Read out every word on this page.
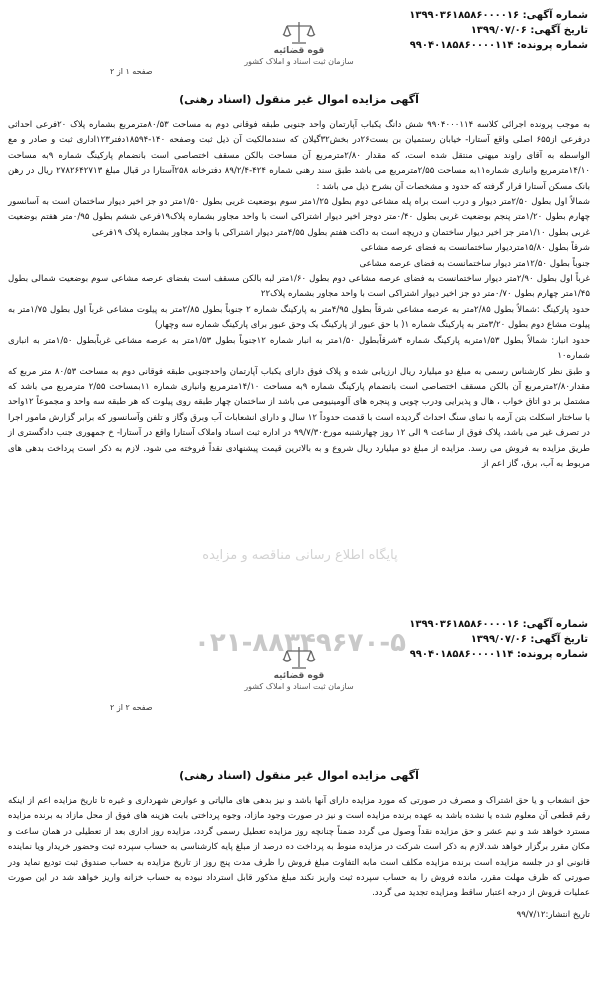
شماره آگهی: ۱۳۹۹۰۳۶۱۸۵۸۶۰۰۰۰۱۶
تاریخ آگهی: ۱۳۹۹/۰۷/۰۶
شماره پرونده: ۹۹۰۴۰۱۸۵۸۶۰۰۰۰۱۱۴
قوه قضائیه
سازمان ثبت اسناد و املاک کشور
صفحه ۱ از ۲
آگهی مزایده اموال غیر منقول (اسناد رهنی)
۰۲۱-۸۸۳۴۹۶۷۰-۵
پایگاه اطلاع رسانی مناقصه و مزایده

به موجب پرونده اجرائی کلاسه ۹۹۰۴۰۰۰۱۱۴ شش دانگ یکباب آپارتمان واحد جنوبی طبقه فوقانی دوم به مساحت ۸۰/۵۳مترمربع بشماره پلاک ۲۰فرعی احداثی درفرعی از۶۵۵ اصلی واقع آستارا- خیابان رستمیان بن بست۲۶در بخش۳۲گیلان که سندمالکیت آن ذیل ثبت وصفحه ۱۴۰-۱۸۵۹۴دفتر۱۲۳اداری ثبت و صادر و مع الواسطه به آقای راوند میهنی منتقل شده است، که مقدار ۲/۸۰مترمربع آن مساحت بالکن مسقف اختصاصی است بانضمام پارکینگ شماره ۹به مساحت ۱۴/۱۰مترمربع وانباری شماره۱۱به مساحت ۲/۵۵مترمربع می باشد طبق سند رهنی شماره ۴۲۴-۸۹/۲/۴ دفترخانه ۲۵۸آستارا در قبال مبلغ ۲۷۸۲۶۴۲۷۱۳ ریال در رهن بانک مسکن آستارا قرار گرفته که حدود و مشخصات آن بشرح ذیل می باشد :

شمالاً اول بطول ۲/۵۰متر دیوار و درب است براه پله مشاعی دوم بطول ۱/۲۵متر سوم بوضعیت غربی بطول ۱/۵۰متر دو جز اخیر دیوار ساختمان است به آسانسور چهارم بطول ۱/۲۰متر پنجم بوضعیت غربی بطول ۰/۴۰متر دوجز اخیر دیوار اشتراکی است با واحد مجاور بشماره پلاک۱۹فرعی ششم بطول ۰/۹۵متر هفتم بوضعیت غربی بطول ۱/۱۰متر جز اخیر دیوار ساختمان و دریچه است به داکت هفتم بطول ۴/۵۵متر دیوار اشتراکی با واحد مجاور بشماره پلاک ۱۹فرعی

شرقاً بطول ۱۵/۸۰متردیوار ساختمانست به فضای عرصه مشاعی

جنوباً بطول ۱۲/۵۰متر دیوار ساختمانست به فضای عرصه مشاعی

غرباً اول بطول ۲/۹۰متر دیوار ساختمانست به فضای عرصه مشاعی دوم بطول ۱/۶۰متر لبه بالکن مسقف است بفضای عرصه مشاعی سوم بوضعیت شمالی بطول ۱/۴۵متر چهارم بطول ۰/۷۰متر دو جز اخیر دیوار اشتراکی است با واحد مجاور بشماره پلاک۲۲

حدود پارکینگ :شمالاً بطول ۲/۸۵متر به عرصه مشاعی شرقاً بطول ۴/۹۵متر به پارکینگ شماره ۲ جنوباً بطول ۲/۸۵متر به پیلوت مشاعی غرباً اول بطول ۱/۷۵متر به پیلوت مشاع دوم بطول ۳/۲۰متر به پارکینگ شماره ۱( با حق عبور از پارکینگ یک وحق عبور برای پارکینگ شماره سه وچهار)

حدود انبار: شمالاً بطول ۱/۵۳متربه پارکینگ شماره ۴شرقاًبطول ۱/۵۰متر به انبار شماره ۱۲جنوباً بطول ۱/۵۳متر به عرصه مشاعی غرباًبطول ۱/۵۰متر به انباری شماره۱۰

و طبق نظر کارشناس رسمی به مبلغ دو میلیارد ریال ارزیابی شده و پلاک فوق دارای یکباب آپارتمان واحدجنوبی طبقه فوقانی دوم به مساحت ۸۰/۵۳ متر مربع که مقدار۲/۸۰مترمربع آن بالکن مسقف اختصاصی است بانضمام پارکینگ شماره ۹به مساحت ۱۴/۱۰مترمربع وانباری شماره ۱۱بمساحت ۲/۵۵ مترمربع می باشد که مشتمل بر دو اتاق خواب ، هال و پذیرایی ودرب چوبی و پنجره های آلومینیومی می باشد از ساختمان چهار طبقه روی پیلوت که هر طبقه سه واحد و مجموعاً ۱۲واحد با ساختار اسکلت بتن آرمه با نمای سنگ احداث گردیده است با قدمت حدوداً ۱۲ سال و دارای انشعابات آب وبرق وگاز و تلفن وآسانسور که برابر گزارش مامور اجرا در تصرف غیر می باشد، پلاک فوق از ساعت ۹ الی ۱۲ روز چهارشنبه مورخ۹۹/۷/۳۰ در اداره ثبت اسناد واملاک آستارا واقع در آستارا- خ جمهوری جنب دادگستری از طریق مزایده به فروش می رسد. مزایده از مبلغ دو میلیارد ریال شروع و به بالاترین قیمت پیشنهادی نقداً فروخته می شود. لازم به ذکر است پرداخت بدهی های مربوط به آب، برق، گاز اعم از

شماره آگهی: ۱۳۹۹۰۳۶۱۸۵۸۶۰۰۰۰۱۶
تاریخ آگهی: ۱۳۹۹/۰۷/۰۶
شماره پرونده: ۹۹۰۴۰۱۸۵۸۶۰۰۰۰۱۱۴
قوه قضائیه
سازمان ثبت اسناد و املاک کشور
صفحه ۲ از ۲
آگهی مزایده اموال غیر منقول (اسناد رهنی)

حق انشعاب و یا حق اشتراک و مصرف در صورتی که مورد مزایده دارای آنها باشد و نیز بدهی های مالیاتی و عوارض شهرداری و غیره تا تاریخ مزایده اعم از اینکه رقم قطعی آن معلوم شده یا نشده باشد به عهده برنده مزایده است و نیز در صورت وجود مازاد، وجوه پرداختی بابت هزینه های فوق از محل مازاد به برنده مزایده مسترد خواهد شد و نیم عشر و حق مزایده نقداً وصول می گردد ضمناً چنانچه روز مزایده تعطیل رسمی گردد، مزایده روز اداری بعد از تعطیلی در همان ساعت و مکان مقرر برگزار خواهد شد.لازم به ذکر است شرکت در مزایده منوط به پرداخت ده درصد از مبلغ پایه کارشناسی به حساب سپرده ثبت وحضور خریدار ویا نماینده قانونی او در جلسه مزایده است برنده مزایده مکلف است مابه التفاوت مبلغ فروش را ظرف مدت پنج روز از تاریخ مزایده به حساب صندوق ثبت تودیع نماید ودر صورتی که ظرف مهلت مقرر، مانده فروش را به حساب سپرده ثبت واریز نکند مبلغ مذکور قابل استرداد نبوده به حساب خزانه واریز خواهد شد در این صورت عملیات فروش از درجه اعتبار ساقط ومزایده تجدید می گردد.

تاریخ انتشار:۹۹/۷/۱۲
